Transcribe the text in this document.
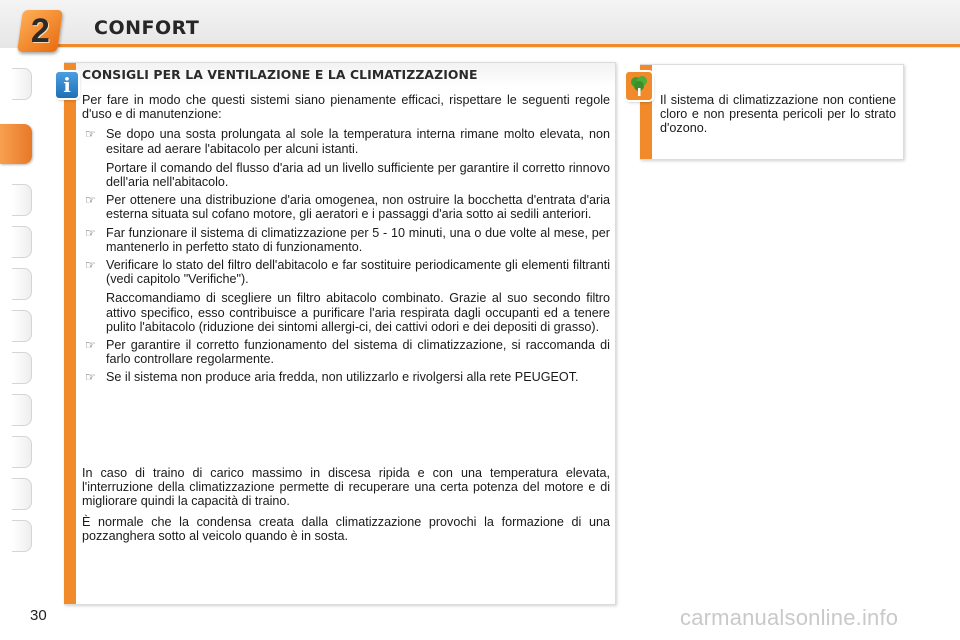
2 CONFORT
i CONSIGLI PER LA VENTILAZIONE E LA CLIMATIZZAZIONE

Per fare in modo che questi sistemi siano pienamente efficaci, rispettare le seguenti regole d'uso e di manutenzione:

☞ Se dopo una sosta prolungata al sole la temperatura interna rimane molto elevata, non esitare ad aerare l'abitacolo per alcuni istanti.
Portare il comando del flusso d'aria ad un livello sufficiente per garantire il corretto rinnovo dell'aria nell'abitacolo.
☞ Per ottenere una distribuzione d'aria omogenea, non ostruire la bocchetta d'entrata d'aria esterna situata sul cofano motore, gli aeratori e i passaggi d'aria sotto ai sedili anteriori.
☞ Far funzionare il sistema di climatizzazione per 5 - 10 minuti, una o due volte al mese, per mantenerlo in perfetto stato di funzionamento.
☞ Verificare lo stato del filtro dell'abitacolo e far sostituire periodicamente gli elementi filtranti (vedi capitolo "Verifiche").
Raccomandiamo di scegliere un filtro abitacolo combinato. Grazie al suo secondo filtro attivo specifico, esso contribuisce a purificare l'aria respirata dagli occupanti ed a tenere pulito l'abitacolo (riduzione dei sintomi allergi-ci, dei cattivi odori e dei depositi di grasso).
☞ Per garantire il corretto funzionamento del sistema di climatizzazione, si raccomanda di farlo controllare regolarmente.
☞ Se il sistema non produce aria fredda, non utilizzarlo e rivolgersi alla rete PEUGEOT.

In caso di traino di carico massimo in discesa ripida e con una temperatura elevata, l'interruzione della climatizzazione permette di recuperare una certa potenza del motore e di migliorare quindi la capacità di traino.

È normale che la condensa creata dalla climatizzazione provochi la formazione di una pozzanghera sotto al veicolo quando è in sosta.

Il sistema di climatizzazione non contiene cloro e non presenta pericoli per lo strato d'ozono.
30	carmanualsonline.info
